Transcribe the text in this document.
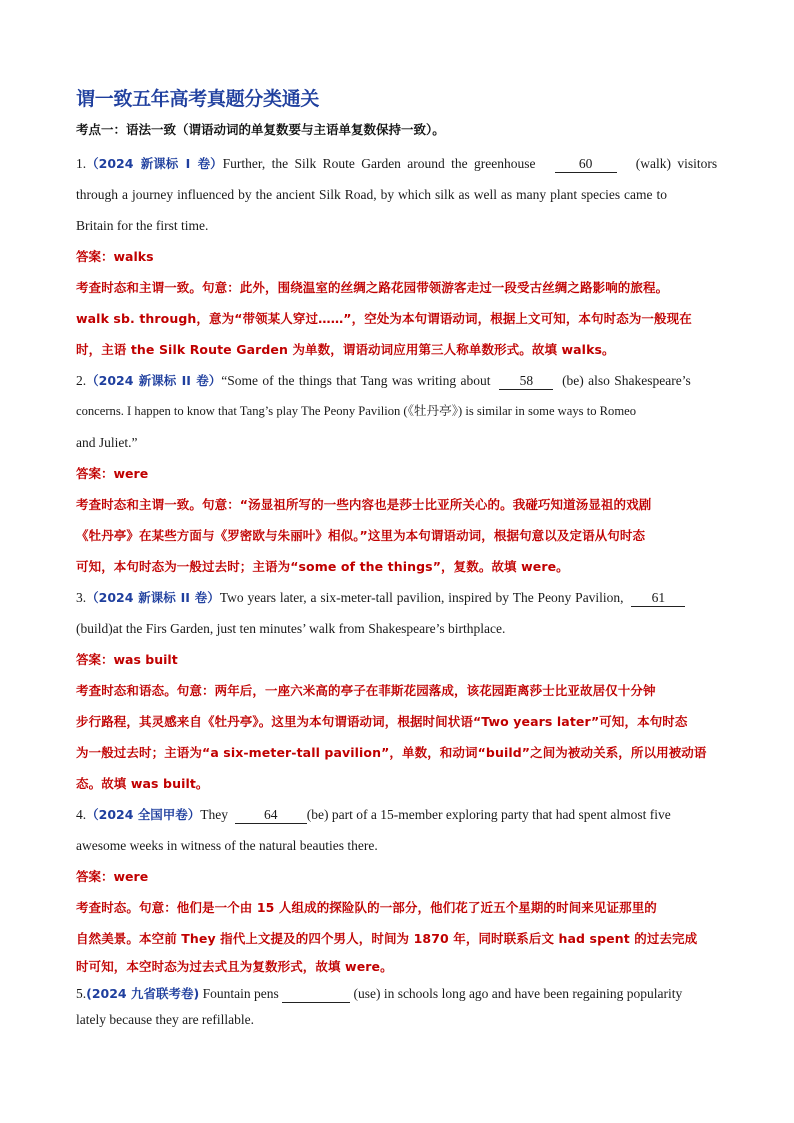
谓一致五年高考真题分类通关
考点一：语法一致（谓语动词的单复数要与主语单复数保持一致）。

1.（2024 新课标 I 卷）Further, the Silk Route Garden around the greenhouse	60	(walk) visitors

through a journey influenced by the ancient Silk Road, by which silk as well as many plant species came to

Britain for the first time.

答案：walks

考查时态和主谓一致。句意：此外，围绕温室的丝绸之路花园带领游客走过一段受古丝绸之路影响的旅程。

walk sb. through，意为“带领某人穿过……”，空处为本句谓语动词，根据上文可知，本句时态为一般现在

时，主语 the Silk Route Garden 为单数，谓语动词应用第三人称单数形式。故填 walks。

2.（2024 新课标 II 卷）“Some of the things that Tang was writing about 58 (be) also Shakespeare’s

concerns. I happen to know that Tang’s play The Peony Pavilion (《牡丹亭》) is similar in some ways to Romeo

and Juliet.”

答案：were

考查时态和主谓一致。句意：“汤显祖所写的一些内容也是莎士比亚所关心的。我碰巧知道汤显祖的戏剧

《牡丹亭》在某些方面与《罗密欧与朱丽叶》相似。”这里为本句谓语动词，根据句意以及定语从句时态

可知，本句时态为一般过去时；主语为“some of the things”，复数。故填 were。

3.（2024 新课标 II 卷）Two years later, a six-meter-tall pavilion, inspired by The Peony Pavilion, 61

(build)at the Firs Garden, just ten minutes’ walk from Shakespeare’s birthplace.

答案：was built

考查时态和语态。句意：两年后，一座六米高的亭子在菲斯花园落成，该花园距离莎士比亚故居仅十分钟

步行路程，其灵感来自《牡丹亭》。这里为本句谓语动词，根据时间状语“Two years later”可知，本句时态

为一般过去时；主语为“a six-meter-tall pavilion”，单数，和动词“build”之间为被动关系，所以用被动语

态。故填 was built。

4.（2024 全国甲卷）They	64 (be) part of a 15-member exploring party that had spent almost five

awesome weeks in witness of the natural beauties there.

答案：were

考查时态。句意：他们是一个由 15 人组成的探险队的一部分，他们花了近五个星期的时间来见证那里的

自然美景。本空前 They 指代上文提及的四个男人，时间为 1870 年，同时联系后文 had spent 的过去完成

时可知，本空时态为过去式且为复数形式，故填 were。

5.(2024 九省联考卷) Fountain pens	(use) in schools long ago and have been regaining popularity

lately because they are refillable.
